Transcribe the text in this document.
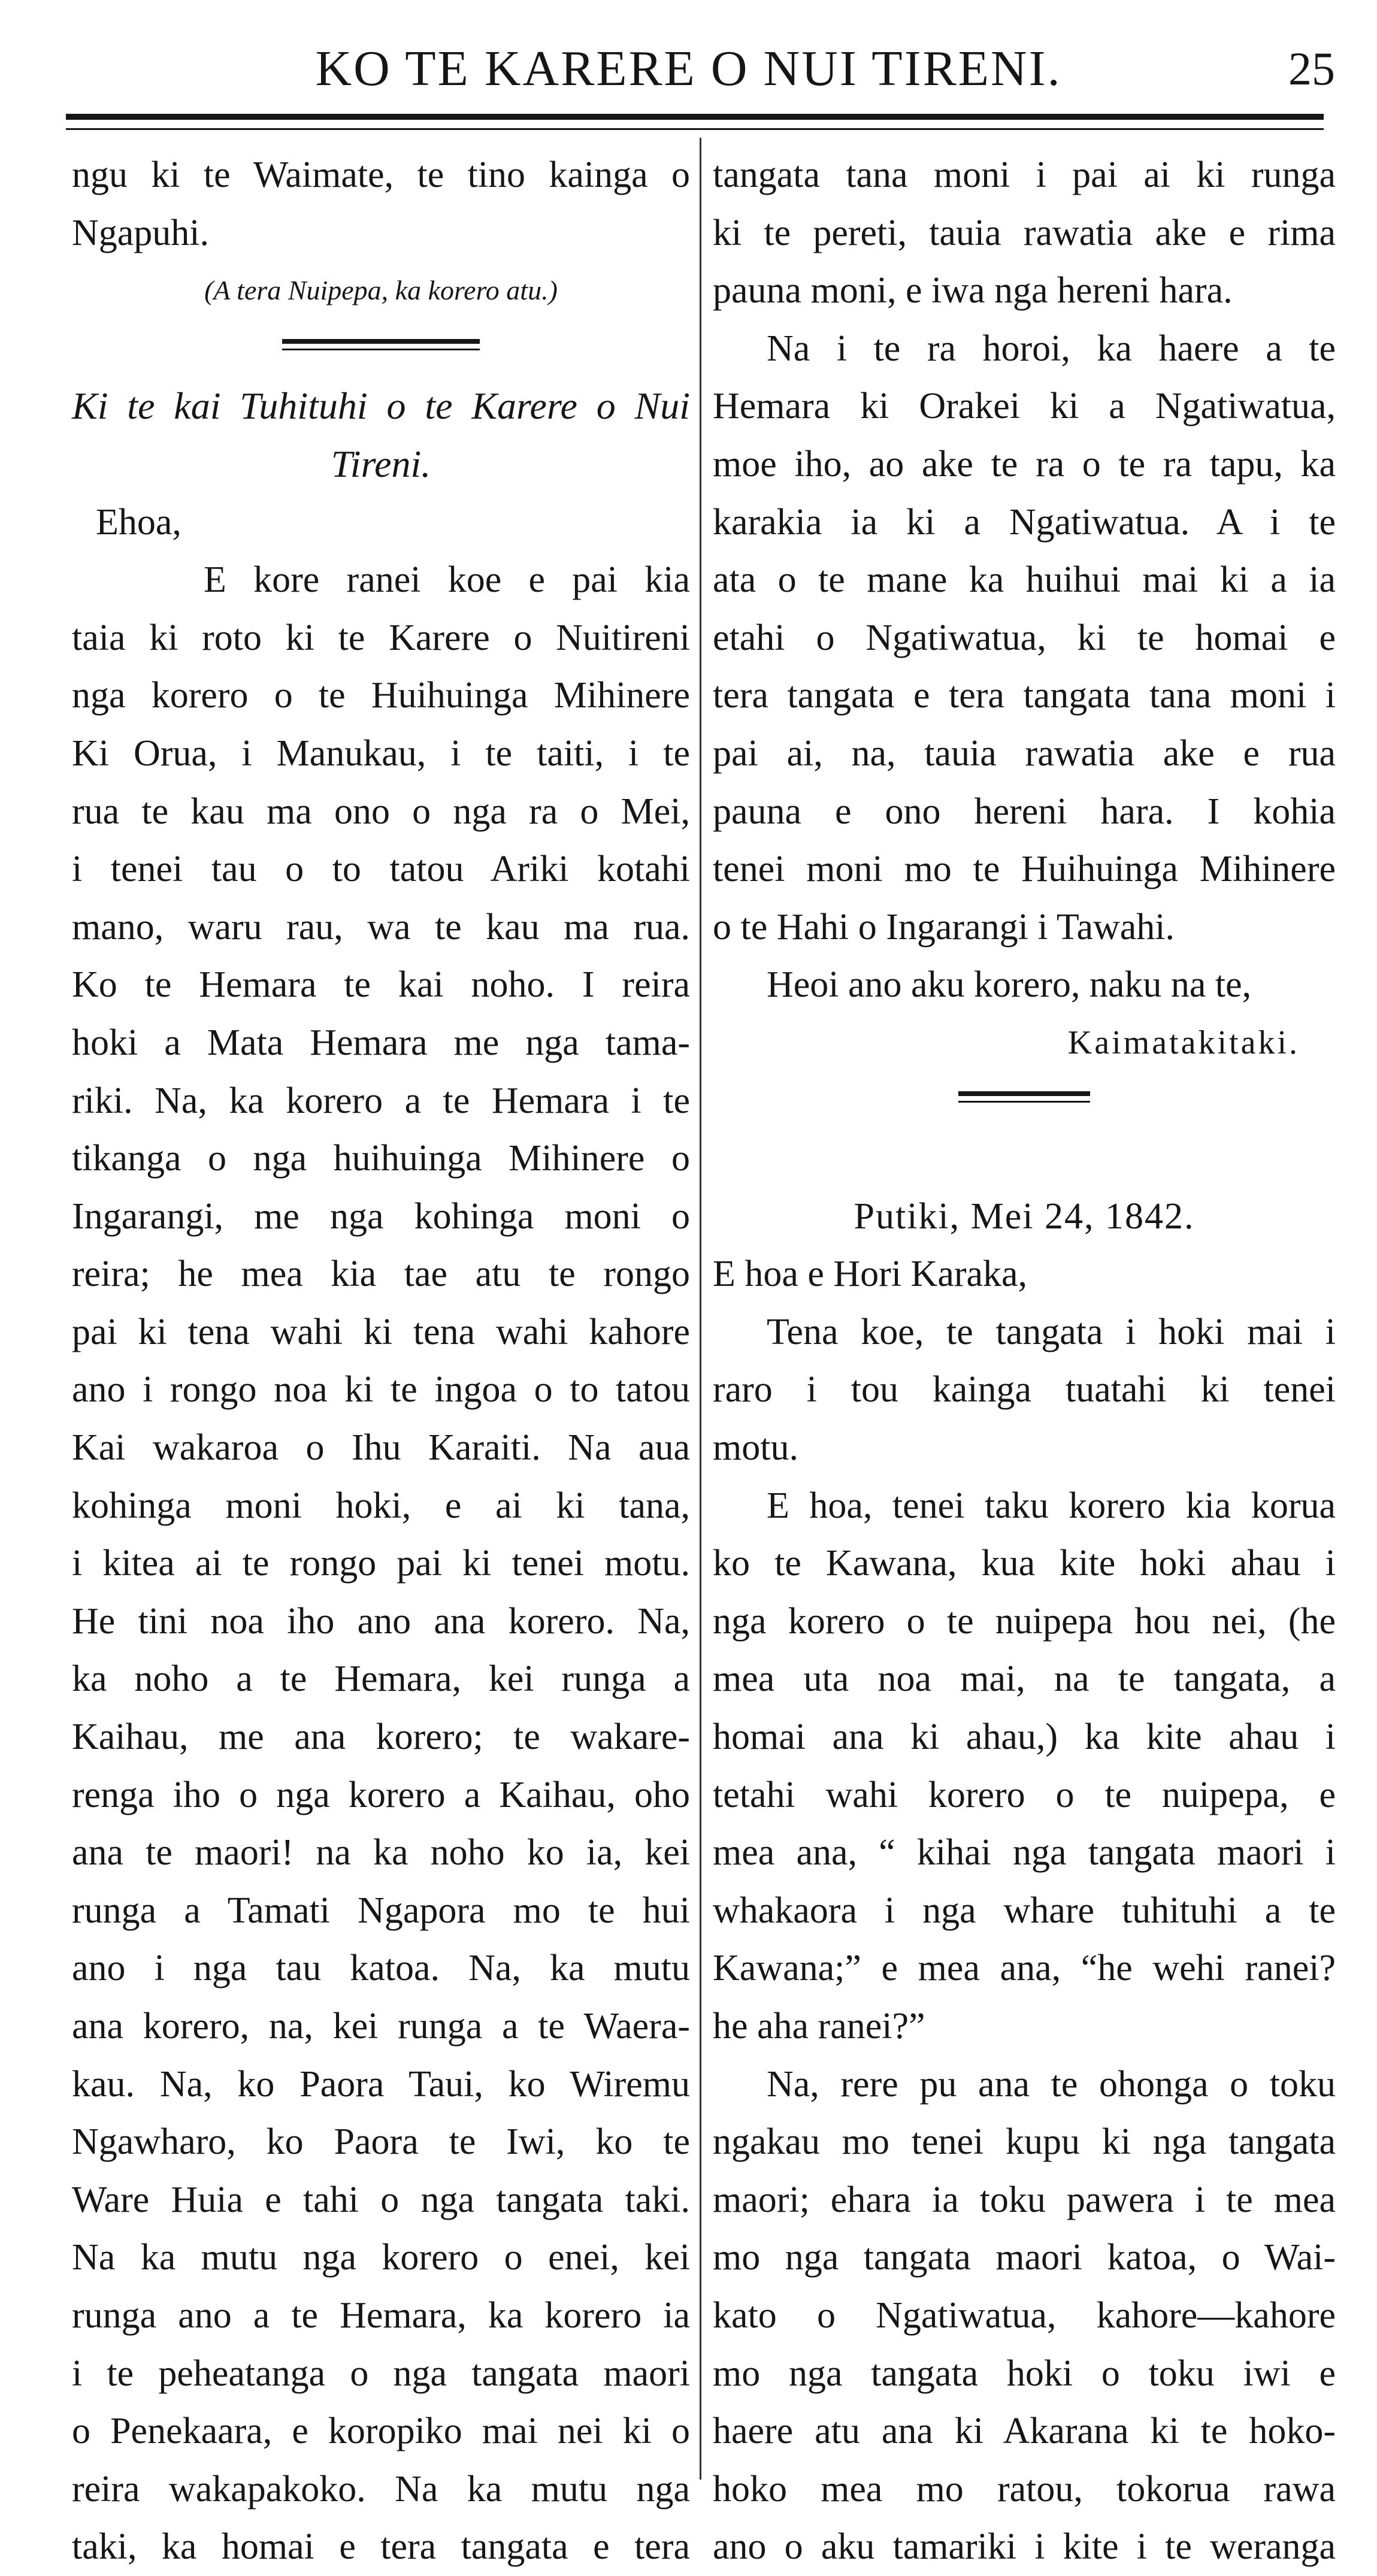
KO TE KARERE O NUI TIRENI.	25
ngu ki te Waimate, te tino kainga o
Ngapuhi.
(A tera Nuipepa, ka korero atu.)
Ki te kai Tuhituhi o te Karere o Nui
Tireni.
Ehoa,
E kore ranei koe e pai kia
taia ki roto ki te Karere o Nuitireni
nga korero o te Huihuinga Mihinere
Ki Orua, i Manukau, i te taiti, i te
rua te kau ma ono o nga ra o Mei,
i tenei tau o to tatou Ariki kotahi
mano, waru rau, wa te kau ma rua.
Ko te Hemara te kai noho. I reira
hoki a Mata Hemara me nga tama-
riki. Na, ka korero a te Hemara i te
tikanga o nga huihuinga Mihinere o
Ingarangi, me nga kohinga moni o
reira; he mea kia tae atu te rongo
pai ki tena wahi ki tena wahi kahore
ano i rongo noa ki te ingoa o to tatou
Kai wakaroa o Ihu Karaiti. Na aua
kohinga moni hoki, e ai ki tana,
i kitea ai te rongo pai ki tenei motu.
He tini noa iho ano ana korero. Na,
ka noho a te Hemara, kei runga a
Kaihau, me ana korero; te wakare-
renga iho o nga korero a Kaihau, oho
ana te maori! na ka noho ko ia, kei
runga a Tamati Ngapora mo te hui
ano i nga tau katoa. Na, ka mutu
ana korero, na, kei runga a te Waera-
kau. Na, ko Paora Taui, ko Wiremu
Ngawharo, ko Paora te Iwi, ko te
Ware Huia e tahi o nga tangata taki.
Na ka mutu nga korero o enei, kei
runga ano a te Hemara, ka korero ia
i te peheatanga o nga tangata maori
o Penekaara, e koropiko mai nei ki o
reira wakapakoko. Na ka mutu nga
taki, ka homai e tera tangata e tera
tangata tana moni i pai ai ki runga
ki te pereti, tauia rawatia ake e rima
pauna moni, e iwa nga hereni hara.
Na i te ra horoi, ka haere a te
Hemara ki Orakei ki a Ngatiwatua,
moe iho, ao ake te ra o te ra tapu, ka
karakia ia ki a Ngatiwatua. A i te
ata o te mane ka huihui mai ki a ia
etahi o Ngatiwatua, ki te homai e
tera tangata e tera tangata tana moni i
pai ai, na, tauia rawatia ake e rua
pauna e ono hereni hara. I kohia
tenei moni mo te Huihuinga Mihinere
o te Hahi o Ingarangi i Tawahi.
Heoi ano aku korero, naku na te,
Kaimatakitaki.
Putiki, Mei 24, 1842.
E hoa e Hori Karaka,
Tena koe, te tangata i hoki mai i
raro i tou kainga tuatahi ki tenei
motu.
E hoa, tenei taku korero kia korua
ko te Kawana, kua kite hoki ahau i
nga korero o te nuipepa hou nei, (he
mea uta noa mai, na te tangata, a
homai ana ki ahau,) ka kite ahau i
tetahi wahi korero o te nuipepa, e
mea ana, “ kihai nga tangata maori i
whakaora i nga whare tuhituhi a te
Kawana;” e mea ana, “he wehi ranei?
he aha ranei?”
Na, rere pu ana te ohonga o toku
ngakau mo tenei kupu ki nga tangata
maori; ehara ia toku pawera i te mea
mo nga tangata maori katoa, o Wai-
kato o Ngatiwatua, kahore—kahore
mo nga tangata hoki o toku iwi e
haere atu ana ki Akarana ki te hoko-
hoko mea mo ratou, tokorua rawa
ano o aku tamariki i kite i te weranga
